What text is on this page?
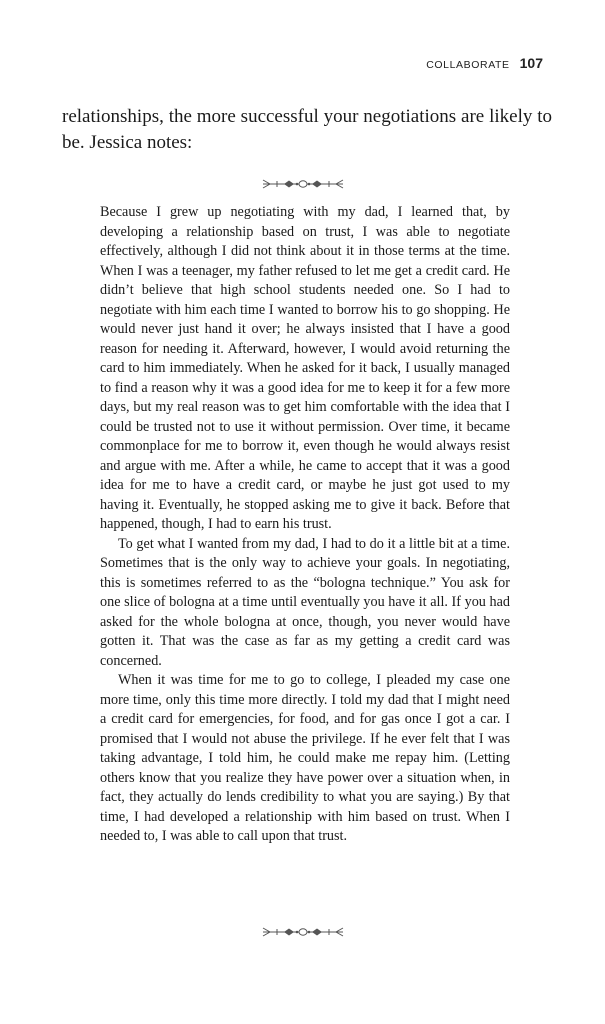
COLLABORATE 107

relationships, the more successful your negotiations are likely to be. Jessica notes:

Because I grew up negotiating with my dad, I learned that, by developing a relationship based on trust, I was able to negotiate effectively, although I did not think about it in those terms at the time. When I was a teenager, my father refused to let me get a credit card. He didn’t believe that high school students needed one. So I had to negotiate with him each time I wanted to borrow his to go shopping. He would never just hand it over; he always insisted that I have a good reason for needing it. Afterward, however, I would avoid returning the card to him immediately. When he asked for it back, I usually managed to find a reason why it was a good idea for me to keep it for a few more days, but my real reason was to get him comfortable with the idea that I could be trusted not to use it without permission. Over time, it became commonplace for me to borrow it, even though he would always resist and argue with me. After a while, he came to accept that it was a good idea for me to have a credit card, or maybe he just got used to my having it. Eventually, he stopped asking me to give it back. Before that happened, though, I had to earn his trust.

To get what I wanted from my dad, I had to do it a little bit at a time. Sometimes that is the only way to achieve your goals. In negotiating, this is sometimes referred to as the “bologna technique.” You ask for one slice of bologna at a time until eventually you have it all. If you had asked for the whole bologna at once, though, you never would have gotten it. That was the case as far as my getting a credit card was concerned.

When it was time for me to go to college, I pleaded my case one more time, only this time more directly. I told my dad that I might need a credit card for emergencies, for food, and for gas once I got a car. I promised that I would not abuse the privilege. If he ever felt that I was taking advantage, I told him, he could make me repay him. (Letting others know that you realize they have power over a situation when, in fact, they actually do lends credibility to what you are saying.) By that time, I had developed a relationship with him based on trust. When I needed to, I was able to call upon that trust.
